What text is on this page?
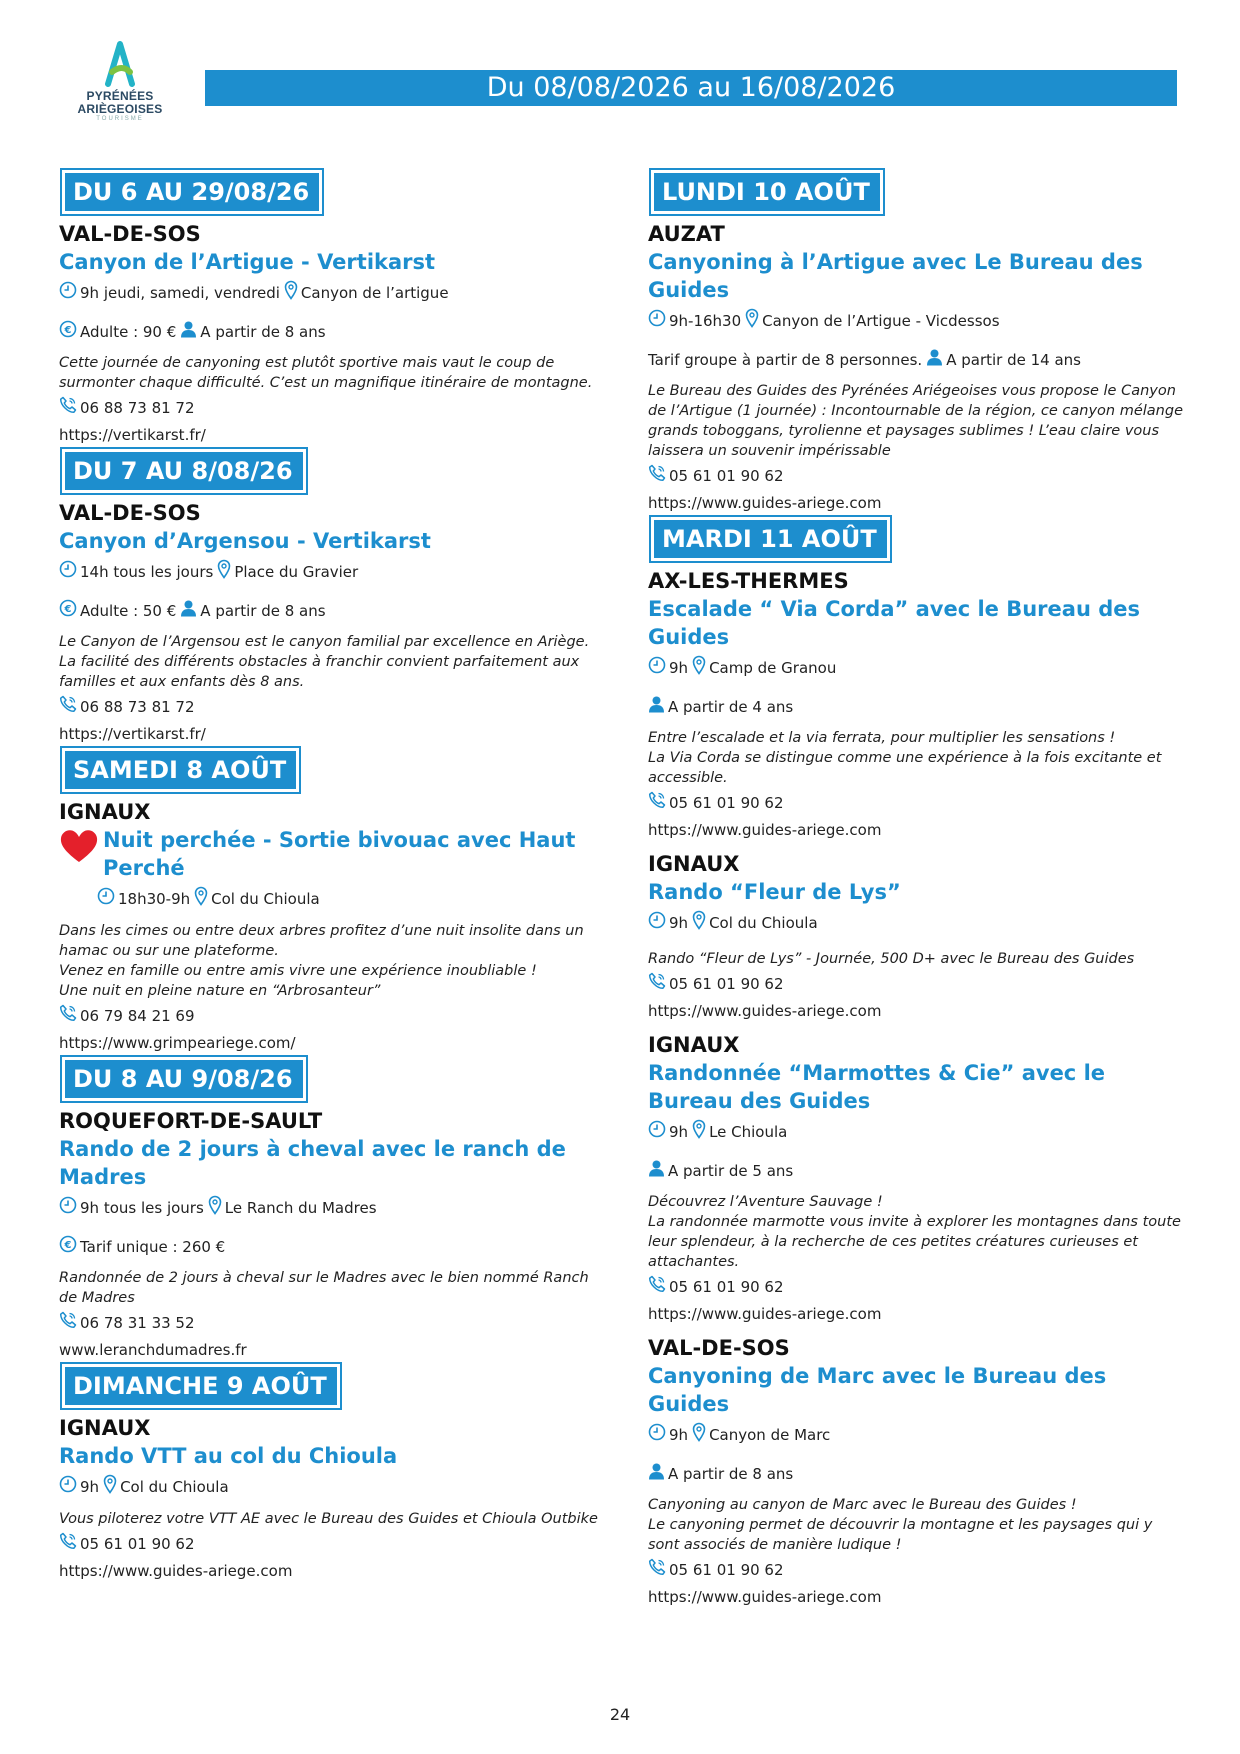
PYRÉNÉES
ARIÈGEOISES
TOURISME
Du 08/08/2026 au 16/08/2026
DU 6 AU 29/08/26
VAL-DE-SOS
Canyon de l’Artigue - Vertikarst
9h jeudi, samedi, vendredi Canyon de l’artigue
€ Adulte : 90 € A partir de 8 ans

Cette journée de canyoning est plutôt sportive mais vaut le coup de surmonter chaque difficulté. C’est un magnifique itinéraire de montagne.

06 88 73 81 72
https://vertikarst.fr/
DU 7 AU 8/08/26
VAL-DE-SOS
Canyon d’Argensou - Vertikarst
14h tous les jours Place du Gravier
€ Adulte : 50 € A partir de 8 ans

Le Canyon de l’Argensou est le canyon familial par excellence en Ariège. La facilité des différents obstacles à franchir convient parfaitement aux familles et aux enfants dès 8 ans.

06 88 73 81 72
https://vertikarst.fr/
SAMEDI 8 AOÛT
IGNAUX
Nuit perchée - Sortie bivouac avec Haut Perché
18h30-9h Col du Chioula

Dans les cimes ou entre deux arbres profitez d’une nuit insolite dans un hamac ou sur une plateforme.

Venez en famille ou entre amis vivre une expérience inoubliable !

Une nuit en pleine nature en “Arbrosanteur”

06 79 84 21 69
https://www.grimpeariege.com/
DU 8 AU 9/08/26
ROQUEFORT-DE-SAULT
Rando de 2 jours à cheval avec le ranch de Madres
9h tous les jours Le Ranch du Madres
€ Tarif unique : 260 €

Randonnée de 2 jours à cheval sur le Madres avec le bien nommé Ranch de Madres

06 78 31 33 52
www.leranchdumadres.fr
DIMANCHE 9 AOÛT
IGNAUX
Rando VTT au col du Chioula
9h Col du Chioula

Vous piloterez votre VTT AE avec le Bureau des Guides et Chioula Outbike

05 61 01 90 62
https://www.guides-ariege.com
LUNDI 10 AOÛT
AUZAT
Canyoning à l’Artigue avec Le Bureau des Guides
9h-16h30 Canyon de l’Artigue - Vicdessos
Tarif groupe à partir de 8 personnes. A partir de 14 ans

Le Bureau des Guides des Pyrénées Ariégeoises vous propose le Canyon de l’Artigue (1 journée) : Incontournable de la région, ce canyon mélange grands toboggans, tyrolienne et paysages sublimes ! L’eau claire vous laissera un souvenir impérissable

05 61 01 90 62
https://www.guides-ariege.com
MARDI 11 AOÛT
AX-LES-THERMES
Escalade “ Via Corda” avec le Bureau des Guides
9h Camp de Granou
A partir de 4 ans

Entre l’escalade et la via ferrata, pour multiplier les sensations !

La Via Corda se distingue comme une expérience à la fois excitante et accessible.

05 61 01 90 62
https://www.guides-ariege.com
IGNAUX
Rando “Fleur de Lys”
9h Col du Chioula

Rando “Fleur de Lys” - Journée, 500 D+ avec le Bureau des Guides

05 61 01 90 62
https://www.guides-ariege.com
IGNAUX
Randonnée “Marmottes & Cie” avec le Bureau des Guides
9h Le Chioula
A partir de 5 ans

Découvrez l’Aventure Sauvage !

La randonnée marmotte vous invite à explorer les montagnes dans toute leur splendeur, à la recherche de ces petites créatures curieuses et attachantes.

05 61 01 90 62
https://www.guides-ariege.com
VAL-DE-SOS
Canyoning de Marc avec le Bureau des Guides
9h Canyon de Marc
A partir de 8 ans

Canyoning au canyon de Marc avec le Bureau des Guides !

Le canyoning permet de découvrir la montagne et les paysages qui y sont associés de manière ludique !

05 61 01 90 62
https://www.guides-ariege.com
24
